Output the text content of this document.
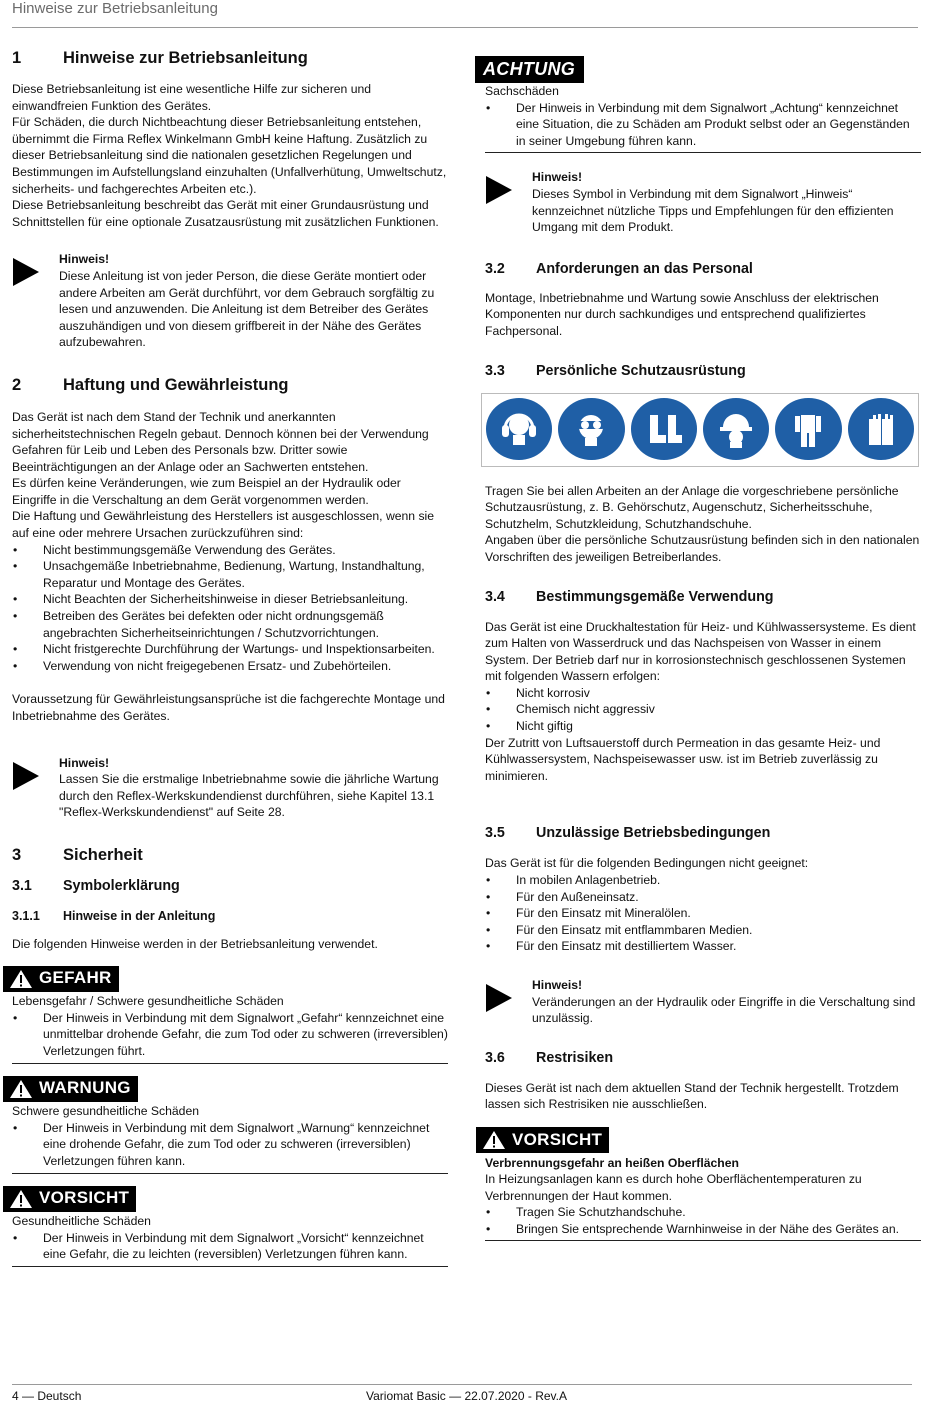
Hinweise zur Betriebsanleitung
1	Hinweise zur Betriebsanleitung

Diese Betriebsanleitung ist eine wesentliche Hilfe zur sicheren und einwandfreien Funktion des Gerätes.

Für Schäden, die durch Nichtbeachtung dieser Betriebsanleitung entstehen, übernimmt die Firma Reflex Winkelmann GmbH keine Haftung. Zusätzlich zu dieser Betriebsanleitung sind die nationalen gesetzlichen Regelungen und Bestimmungen im Aufstellungsland einzuhalten (Unfallverhütung, Umweltschutz, sicherheits- und fachgerechtes Arbeiten etc.).

Diese Betriebsanleitung beschreibt das Gerät mit einer Grundausrüstung und Schnittstellen für eine optionale Zusatzausrüstung mit zusätzlichen Funktionen.

Hinweis!

Diese Anleitung ist von jeder Person, die diese Geräte montiert oder andere Arbeiten am Gerät durchführt, vor dem Gebrauch sorgfältig zu lesen und anzuwenden. Die Anleitung ist dem Betreiber des Gerätes auszuhändigen und von diesem griffbereit in der Nähe des Gerätes aufzubewahren.

2	Haftung und Gewährleistung

Das Gerät ist nach dem Stand der Technik und anerkannten sicherheitstechnischen Regeln gebaut. Dennoch können bei der Verwendung Gefahren für Leib und Leben des Personals bzw. Dritter sowie Beeinträchtigungen an der Anlage oder an Sachwerten entstehen.

Es dürfen keine Veränderungen, wie zum Beispiel an der Hydraulik oder Eingriffe in die Verschaltung an dem Gerät vorgenommen werden.

Die Haftung und Gewährleistung des Herstellers ist ausgeschlossen, wenn sie auf eine oder mehrere Ursachen zurückzuführen sind:

• Nicht bestimmungsgemäße Verwendung des Gerätes.
• Unsachgemäße Inbetriebnahme, Bedienung, Wartung, Instandhaltung, Reparatur und Montage des Gerätes.
• Nicht Beachten der Sicherheitshinweise in dieser Betriebsanleitung.
• Betreiben des Gerätes bei defekten oder nicht ordnungsgemäß angebrachten Sicherheitseinrichtungen / Schutzvorrichtungen.
• Nicht fristgerechte Durchführung der Wartungs- und Inspektionsarbeiten.
• Verwendung von nicht freigegebenen Ersatz- und Zubehörteilen.

Voraussetzung für Gewährleistungsansprüche ist die fachgerechte Montage und Inbetriebnahme des Gerätes.

Hinweis!

Lassen Sie die erstmalige Inbetriebnahme sowie die jährliche Wartung durch den Reflex-Werkskundendienst durchführen, siehe Kapitel 13.1 "Reflex-Werkskundendienst" auf Seite 28.

3	Sicherheit
3.1	Symbolerklärung
3.1.1	Hinweise in der Anleitung

Die folgenden Hinweise werden in der Betriebsanleitung verwendet.

GEFAHR

Lebensgefahr / Schwere gesundheitliche Schäden

• Der Hinweis in Verbindung mit dem Signalwort „Gefahr“ kennzeichnet eine unmittelbar drohende Gefahr, die zum Tod oder zu schweren (irreversiblen) Verletzungen führt.
WARNUNG

Schwere gesundheitliche Schäden

• Der Hinweis in Verbindung mit dem Signalwort „Warnung“ kennzeichnet eine drohende Gefahr, die zum Tod oder zu schweren (irreversiblen) Verletzungen führen kann.
VORSICHT

Gesundheitliche Schäden

• Der Hinweis in Verbindung mit dem Signalwort „Vorsicht“ kennzeichnet eine Gefahr, die zu leichten (reversiblen) Verletzungen führen kann.
ACHTUNG

Sachschäden

• Der Hinweis in Verbindung mit dem Signalwort „Achtung“ kennzeichnet eine Situation, die zu Schäden am Produkt selbst oder an Gegenständen in seiner Umgebung führen kann.

Hinweis!

Dieses Symbol in Verbindung mit dem Signalwort „Hinweis“ kennzeichnet nützliche Tipps und Empfehlungen für den effizienten Umgang mit dem Produkt.

3.2	Anforderungen an das Personal

Montage, Inbetriebnahme und Wartung sowie Anschluss der elektrischen Komponenten nur durch sachkundiges und entsprechend qualifiziertes Fachpersonal.

3.3	Persönliche Schutzausrüstung

Tragen Sie bei allen Arbeiten an der Anlage die vorgeschriebene persönliche Schutzausrüstung, z. B. Gehörschutz, Augenschutz, Sicherheitsschuhe, Schutzhelm, Schutzkleidung, Schutzhandschuhe.

Angaben über die persönliche Schutzausrüstung befinden sich in den nationalen Vorschriften des jeweiligen Betreiberlandes.

3.4	Bestimmungsgemäße Verwendung

Das Gerät ist eine Druckhaltestation für Heiz- und Kühlwassersysteme. Es dient zum Halten von Wasserdruck und das Nachspeisen von Wasser in einem System. Der Betrieb darf nur in korrosionstechnisch geschlossenen Systemen mit folgenden Wassern erfolgen:

• Nicht korrosiv
• Chemisch nicht aggressiv
• Nicht giftig

Der Zutritt von Luftsauerstoff durch Permeation in das gesamte Heiz- und Kühlwassersystem, Nachspeisewasser usw. ist im Betrieb zuverlässig zu minimieren.

3.5	Unzulässige Betriebsbedingungen

Das Gerät ist für die folgenden Bedingungen nicht geeignet:

• In mobilen Anlagenbetrieb.
• Für den Außeneinsatz.
• Für den Einsatz mit Mineralölen.
• Für den Einsatz mit entflammbaren Medien.
• Für den Einsatz mit destilliertem Wasser.

Hinweis!

Veränderungen an der Hydraulik oder Eingriffe in die Verschaltung sind unzulässig.

3.6	Restrisiken

Dieses Gerät ist nach dem aktuellen Stand der Technik hergestellt. Trotzdem lassen sich Restrisiken nie ausschließen.

VORSICHT

Verbrennungsgefahr an heißen Oberflächen

In Heizungsanlagen kann es durch hohe Oberflächentemperaturen zu Verbrennungen der Haut kommen.

• Tragen Sie Schutzhandschuhe.
• Bringen Sie entsprechende Warnhinweise in der Nähe des Gerätes an.
4 — Deutsch	Variomat Basic — 22.07.2020 - Rev.A
